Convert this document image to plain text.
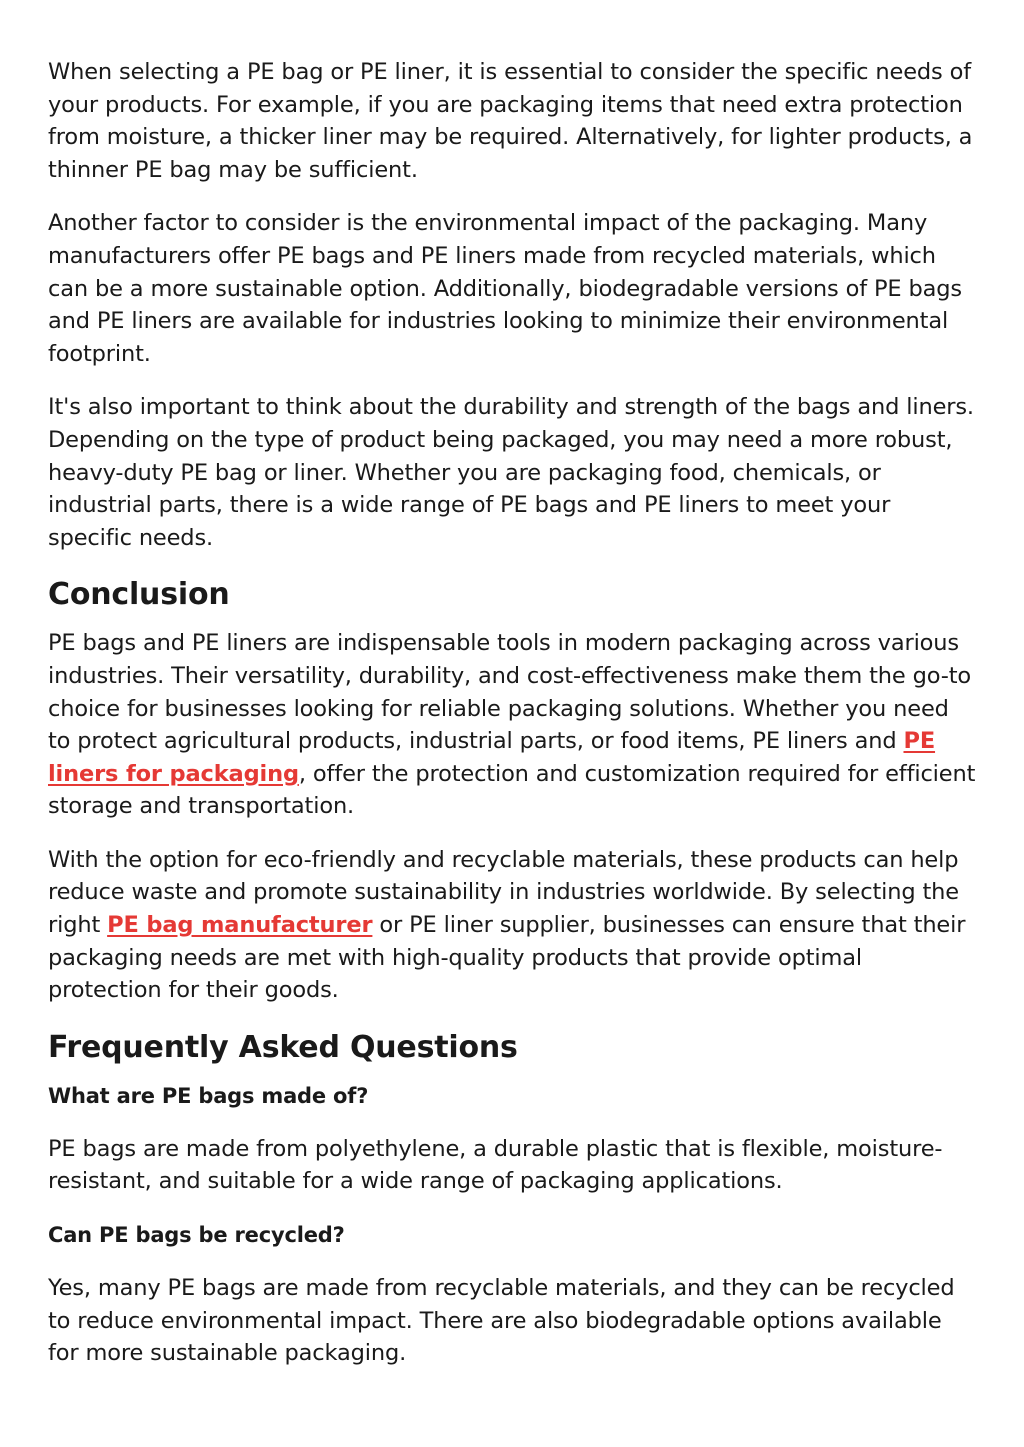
When selecting a PE bag or PE liner, it is essential to consider the specific needs of your products. For example, if you are packaging items that need extra protection from moisture, a thicker liner may be required. Alternatively, for lighter products, a thinner PE bag may be sufficient.

Another factor to consider is the environmental impact of the packaging. Many manufacturers offer PE bags and PE liners made from recycled materials, which can be a more sustainable option. Additionally, biodegradable versions of PE bags and PE liners are available for industries looking to minimize their environmental footprint.

It's also important to think about the durability and strength of the bags and liners. Depending on the type of product being packaged, you may need a more robust, heavy-duty PE bag or liner. Whether you are packaging food, chemicals, or industrial parts, there is a wide range of PE bags and PE liners to meet your specific needs.

Conclusion

PE bags and PE liners are indispensable tools in modern packaging across various industries. Their versatility, durability, and cost-effectiveness make them the go-to choice for businesses looking for reliable packaging solutions. Whether you need to protect agricultural products, industrial parts, or food items, PE liners and PE liners for packaging, offer the protection and customization required for efficient storage and transportation.

With the option for eco-friendly and recyclable materials, these products can help reduce waste and promote sustainability in industries worldwide. By selecting the right PE bag manufacturer or PE liner supplier, businesses can ensure that their packaging needs are met with high-quality products that provide optimal protection for their goods.

Frequently Asked Questions
What are PE bags made of?

PE bags are made from polyethylene, a durable plastic that is flexible, moisture-resistant, and suitable for a wide range of packaging applications.

Can PE bags be recycled?

Yes, many PE bags are made from recyclable materials, and they can be recycled to reduce environmental impact. There are also biodegradable options available for more sustainable packaging.
